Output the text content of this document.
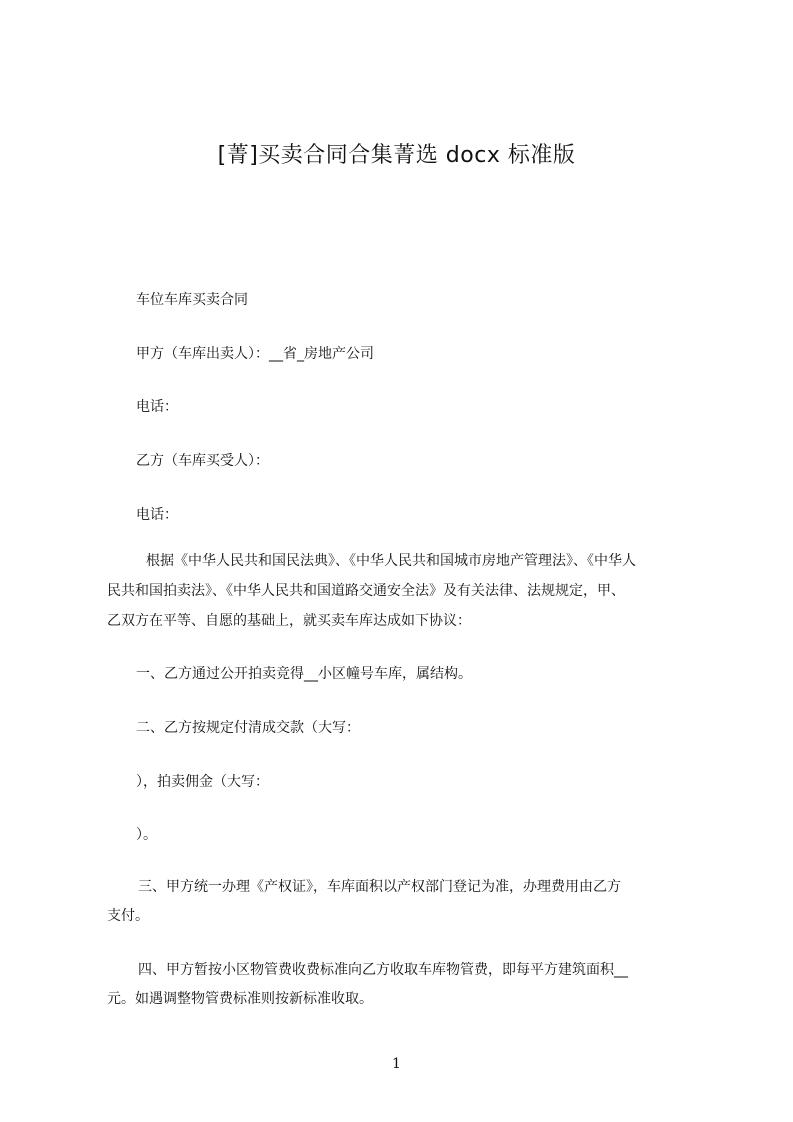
[菁]买卖合同合集菁选 docx 标准版
车位车库买卖合同
甲方（车库出卖人）：__省_房地产公司
电话：
乙方（车库买受人）：
电话：
根据《中华人民共和国民法典》、《中华人民共和国城市房地产管理法》、《中华人
民共和国拍卖法》、《中华人民共和国道路交通安全法》及有关法律、法规规定，甲、
乙双方在平等、自愿的基础上，就买卖车库达成如下协议：
一、乙方通过公开拍卖竞得__小区幢号车库，属结构。
二、乙方按规定付清成交款（大写：
），拍卖佣金（大写：
）。
三、甲方统一办理《产权证》，车库面积以产权部门登记为准，办理费用由乙方
支付。
四、甲方暂按小区物管费收费标准向乙方收取车库物管费，即每平方建筑面积__
元。如遇调整物管费标准则按新标准收取。
1
